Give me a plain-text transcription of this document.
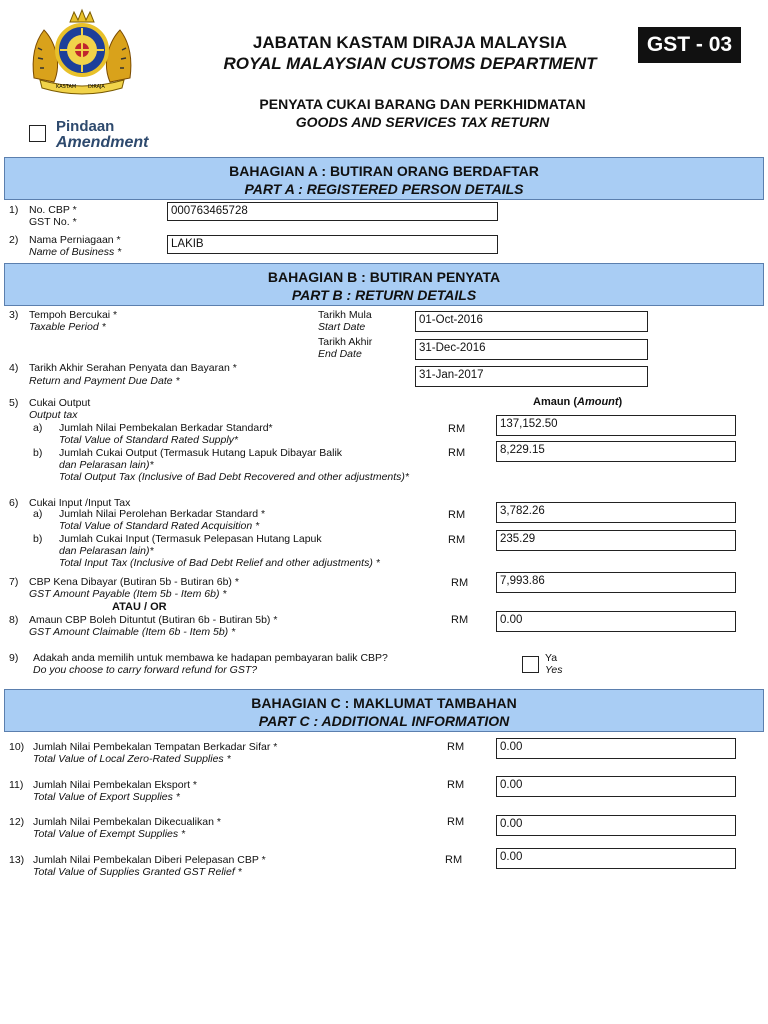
KASTAM DIRAJA
JABATAN KASTAM DIRAJA MALAYSIA
ROYAL MALAYSIAN CUSTOMS DEPARTMENT
GST - 03
PENYATA CUKAI BARANG DAN PERKHIDMATAN
GOODS AND SERVICES TAX RETURN
Pindaan
Amendment
BAHAGIAN A : BUTIRAN ORANG BERDAFTAR
PART A : REGISTERED PERSON DETAILS
1) No. CBP *
GST No. *
000763465728
2) Nama Perniagaan *
Name of Business *
LAKIB
BAHAGIAN B : BUTIRAN PENYATA
PART B : RETURN DETAILS
3) Tempoh Bercukai *
Taxable Period *
Tarikh Mula
Start Date
01-Oct-2016
Tarikh Akhir
End Date	31-Dec-2016
4) Tarikh Akhir Serahan Penyata dan Bayaran *
Return and Payment Due Date *	31-Jan-2017
Amaun (Amount)
5) Cukai Output
Output tax
a) Jumlah Nilai Pembekalan Berkadar Standard*
Total Value of Standard Rated Supply*
RM	137,152.50
b) Jumlah Cukai Output (Termasuk Hutang Lapuk Dibayar Balik
dan Pelarasan lain)*
Total Output Tax (Inclusive of Bad Debt Recovered and other adjustments)*
RM	8,229.15
6) Cukai Input /Input Tax
a) Jumlah Nilai Perolehan Berkadar Standard *
Total Value of Standard Rated Acquisition *
RM	3,782.26
b) Jumlah Cukai Input (Termasuk Pelepasan Hutang Lapuk
dan Pelarasan lain)*
Total Input Tax (Inclusive of Bad Debt Relief and other adjustments) *
RM	235.29
7) CBP Kena Dibayar (Butiran 5b - Butiran 6b) *
GST Amount Payable (Item 5b - Item 6b) *
RM	7,993.86
ATAU / OR
8) Amaun CBP Boleh Dituntut (Butiran 6b - Butiran 5b) *
GST Amount Claimable (Item 6b - Item 5b) *
RM	0.00
9) Adakah anda memilih untuk membawa ke hadapan pembayaran balik CBP?
Do you choose to carry forward refund for GST?
Ya
Yes
BAHAGIAN C : MAKLUMAT TAMBAHAN
PART C : ADDITIONAL INFORMATION
10) Jumlah Nilai Pembekalan Tempatan Berkadar Sifar *
Total Value of Local Zero-Rated Supplies *
RM	0.00
11) Jumlah Nilai Pembekalan Eksport *
Total Value of Export Supplies *
RM	0.00
12) Jumlah Nilai Pembekalan Dikecualikan *
Total Value of Exempt Supplies *
RM	0.00
13) Jumlah Nilai Pembekalan Diberi Pelepasan CBP *
Total Value of Supplies Granted GST Relief *
RM	0.00
